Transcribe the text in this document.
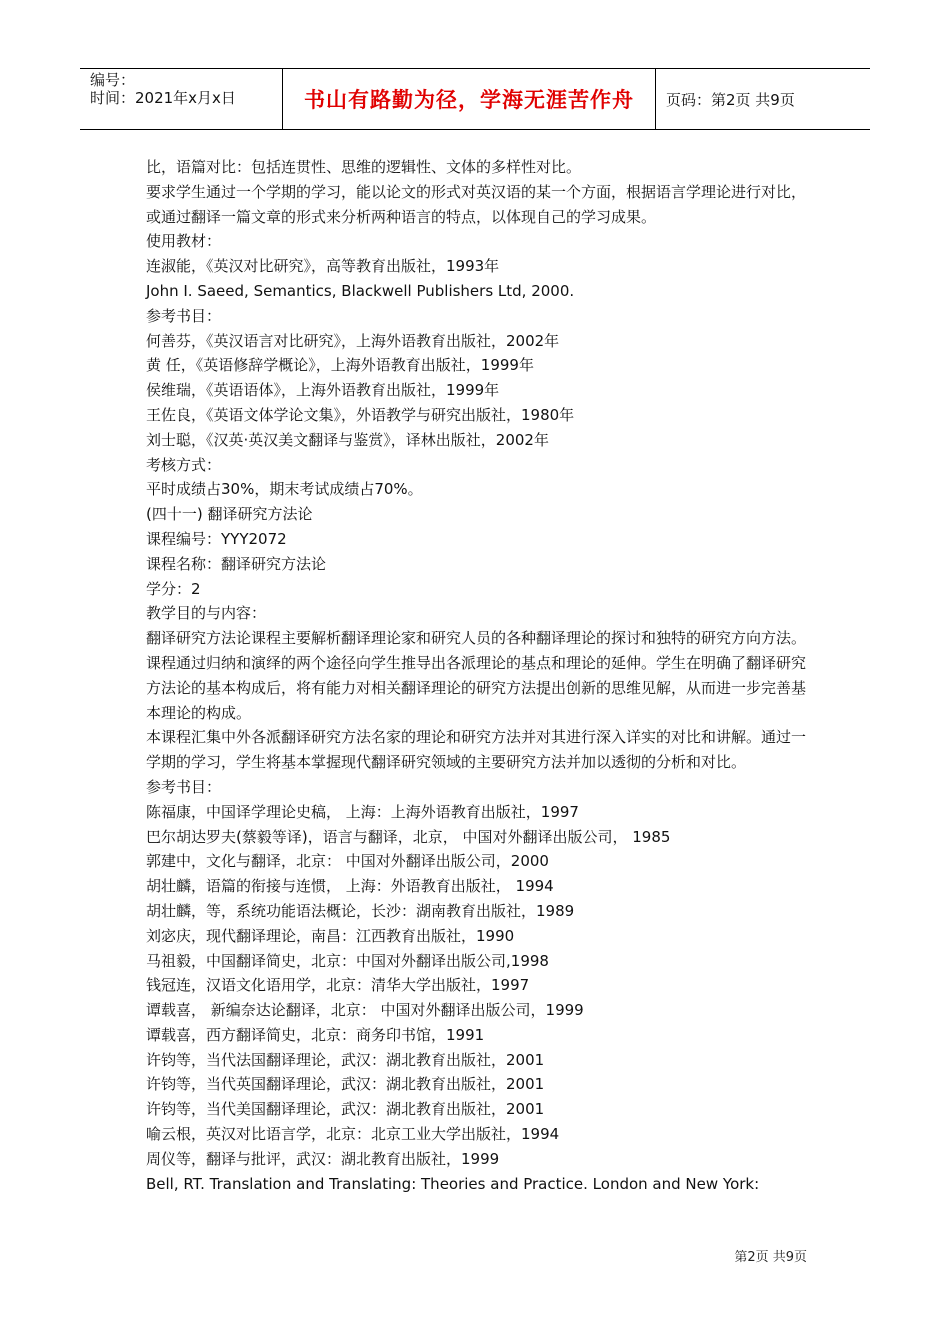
编号：
时间：2021年x月x日	书山有路勤为径，学海无涯苦作舟	页码：第2页 共9页
比，语篇对比：包括连贯性、思维的逻辑性、文体的多样性对比。
要求学生通过一个学期的学习，能以论文的形式对英汉语的某一个方面，根据语言学理论进行对比，或通过翻译一篇文章的形式来分析两种语言的特点，以体现自己的学习成果。
使用教材：
连淑能，《英汉对比研究》，高等教育出版社，1993年
John I. Saeed, Semantics, Blackwell Publishers Ltd, 2000.
参考书目：
何善芬，《英汉语言对比研究》，上海外语教育出版社，2002年
黄 任，《英语修辞学概论》，上海外语教育出版社，1999年
侯维瑞，《英语语体》，上海外语教育出版社，1999年
王佐良，《英语文体学论文集》，外语教学与研究出版社，1980年
刘士聪，《汉英·英汉美文翻译与鉴赏》，译林出版社，2002年
考核方式：
平时成绩占30%，期末考试成绩占70%。
(四十一) 翻译研究方法论
课程编号：YYY2072
课程名称：翻译研究方法论
学分：2
教学目的与内容：
翻译研究方法论课程主要解析翻译理论家和研究人员的各种翻译理论的探讨和独特的研究方向方法。课程通过归纳和演绎的两个途径向学生推导出各派理论的基点和理论的延伸。学生在明确了翻译研究方法论的基本构成后，将有能力对相关翻译理论的研究方法提出创新的思维见解，从而进一步完善基本理论的构成。
本课程汇集中外各派翻译研究方法名家的理论和研究方法并对其进行深入详实的对比和讲解。通过一学期的学习，学生将基本掌握现代翻译研究领域的主要研究方法并加以透彻的分析和对比。
参考书目：
陈福康，中国译学理论史稿， 上海：上海外语教育出版社，1997
巴尔胡达罗夫(蔡毅等译)，语言与翻译，北京， 中国对外翻译出版公司， 1985
郭建中，文化与翻译，北京： 中国对外翻译出版公司，2000
胡壮麟，语篇的衔接与连惯， 上海：外语教育出版社， 1994
胡壮麟，等，系统功能语法概论，长沙：湖南教育出版社，1989
刘宓庆，现代翻译理论，南昌：江西教育出版社，1990
马祖毅，中国翻译简史，北京：中国对外翻译出版公司,1998
钱冠连，汉语文化语用学，北京：清华大学出版社，1997
谭载喜， 新编奈达论翻译，北京： 中国对外翻译出版公司，1999
谭载喜，西方翻译简史，北京：商务印书馆，1991
许钧等，当代法国翻译理论，武汉：湖北教育出版社，2001
许钧等，当代英国翻译理论，武汉：湖北教育出版社，2001
许钧等，当代美国翻译理论，武汉：湖北教育出版社，2001
喻云根，英汉对比语言学，北京：北京工业大学出版社，1994
周仪等，翻译与批评，武汉：湖北教育出版社，1999
Bell, RT. Translation and Translating: Theories and Practice. London and New York:
第2页 共9页
